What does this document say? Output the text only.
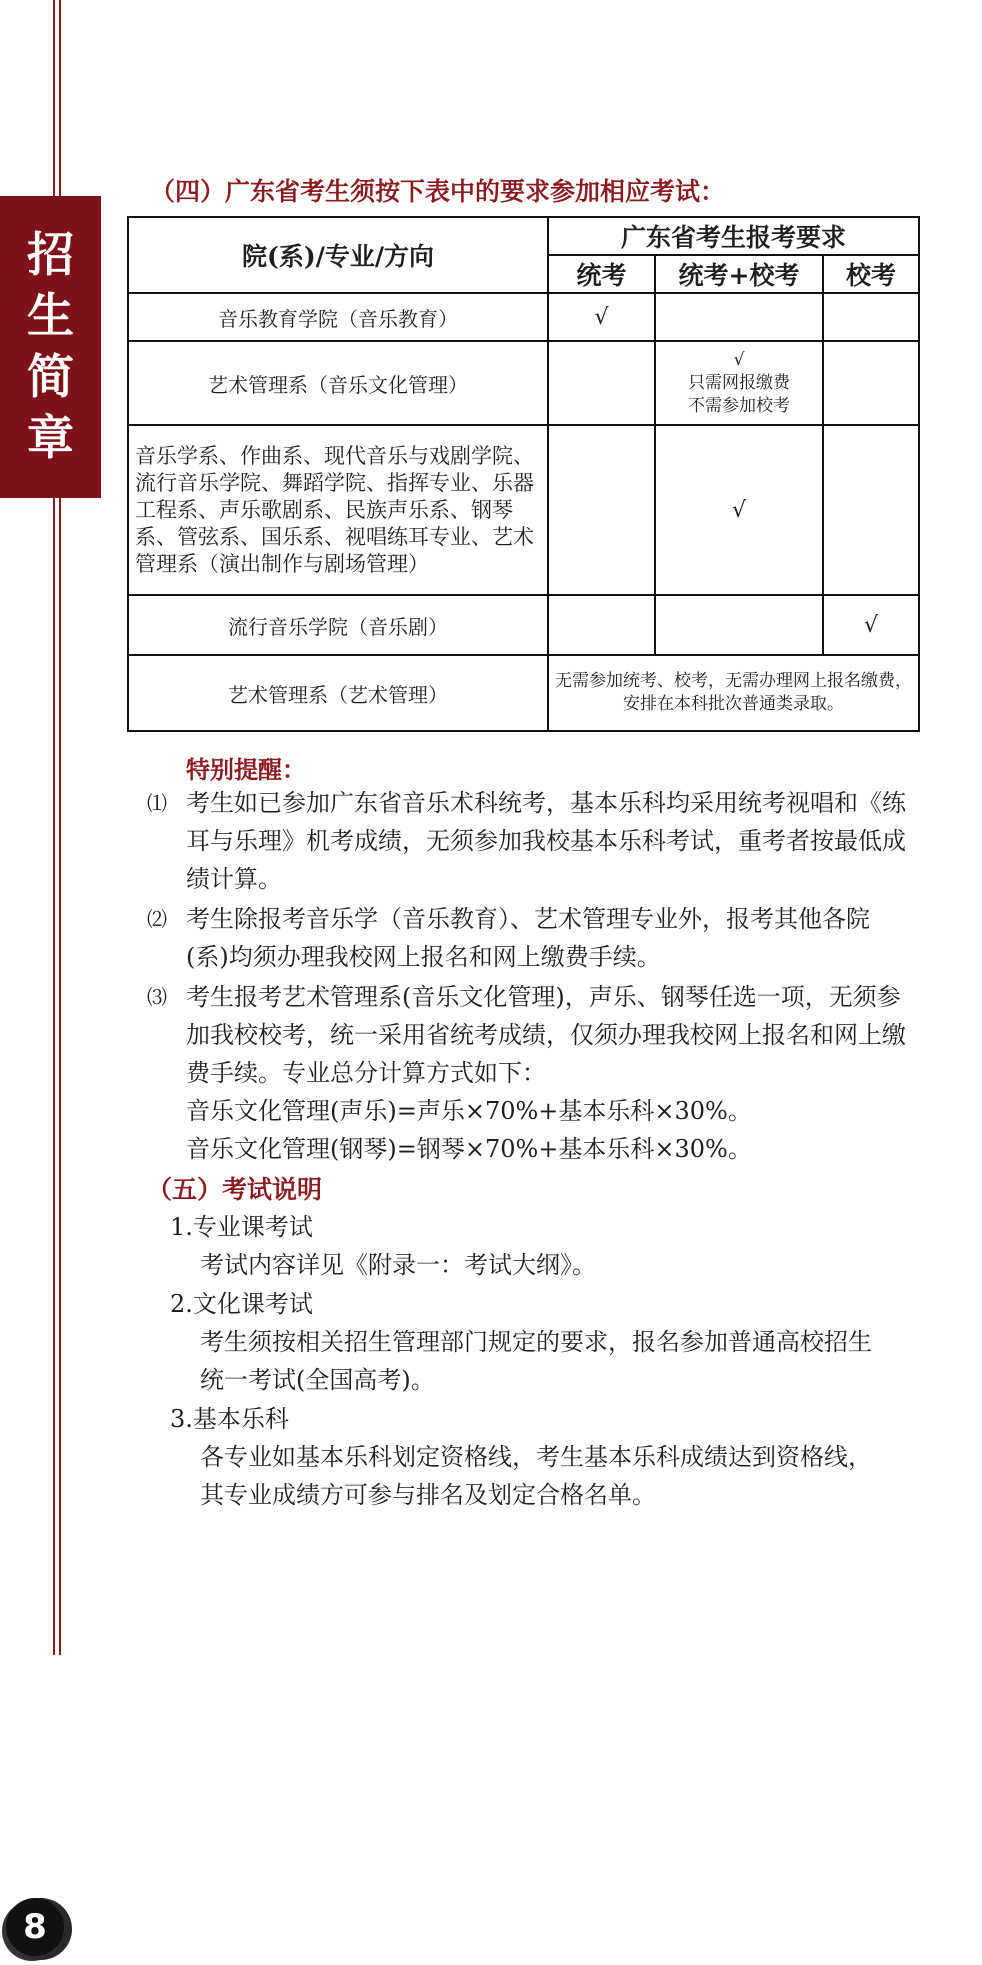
招
生
简
章
8
（四）广东省考生须按下表中的要求参加相应考试：
院(系)/专业/方向	广东省考生报考要求		
	统考	统考+校考	校考
音乐教育学院（音乐教育）	√		
艺术管理系（音乐文化管理）		√
只需网报缴费
不需参加校考	

音乐学系、作曲系、现代音乐与戏剧学院、流行音乐学院、舞蹈学院、指挥专业、乐器工程系、声乐歌剧系、民族声乐系、钢琴系、管弦系、国乐系、视唱练耳专业、艺术管理系（演出制作与剧场管理）		√	
流行音乐学院（音乐剧）			√
艺术管理系（艺术管理）	无需参加统考、校考，无需办理网上报名缴费，安排在本科批次普通类录取。		
特别提醒：
⑴ 考生如已参加广东省音乐术科统考，基本乐科均采用统考视唱和《练耳与乐理》机考成绩，无须参加我校基本乐科考试，重考者按最低成绩计算。
⑵ 考生除报考音乐学（音乐教育）、艺术管理专业外，报考其他各院(系)均须办理我校网上报名和网上缴费手续。
⑶ 考生报考艺术管理系(音乐文化管理)，声乐、钢琴任选一项，无须参加我校校考，统一采用省统考成绩，仅须办理我校网上报名和网上缴费手续。专业总分计算方式如下：
音乐文化管理(声乐)=声乐×70%+基本乐科×30%。
音乐文化管理(钢琴)=钢琴×70%+基本乐科×30%。
（五）考试说明
1.专业课考试
考试内容详见《附录一：考试大纲》。
2.文化课考试
考生须按相关招生管理部门规定的要求，报名参加普通高校招生统一考试(全国高考)。
3.基本乐科
各专业如基本乐科划定资格线，考生基本乐科成绩达到资格线，其专业成绩方可参与排名及划定合格名单。
